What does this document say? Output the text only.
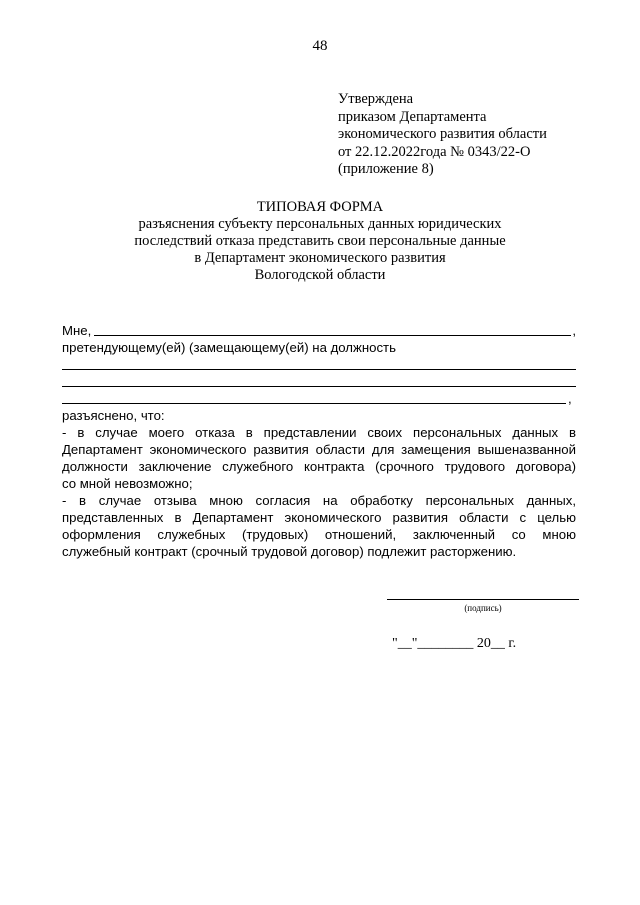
48
Утверждена
приказом Департамента
экономического развития области
от 22.12.2022года № 0343/22-О
(приложение 8)
ТИПОВАЯ ФОРМА
разъяснения субъекту персональных данных юридических
последствий отказа представить свои персональные данные
в Департамент экономического развития
Вологодской области
Мне,	,
претендующему(ей) (замещающему(ей) на должность
,
разъяснено, что:
- в случае моего отказа в представлении своих персональных данных в
Департамент экономического развития области для замещения вышеназванной
должности заключение служебного контракта (срочного трудового договора)
со мной невозможно;
- в случае отзыва мною согласия на обработку персональных данных,
представленных в Департамент экономического развития области с целью
оформления служебных (трудовых) отношений, заключенный со мною
служебный контракт (срочный трудовой договор) подлежит расторжению.
(подпись)
"__"________ 20__ г.
